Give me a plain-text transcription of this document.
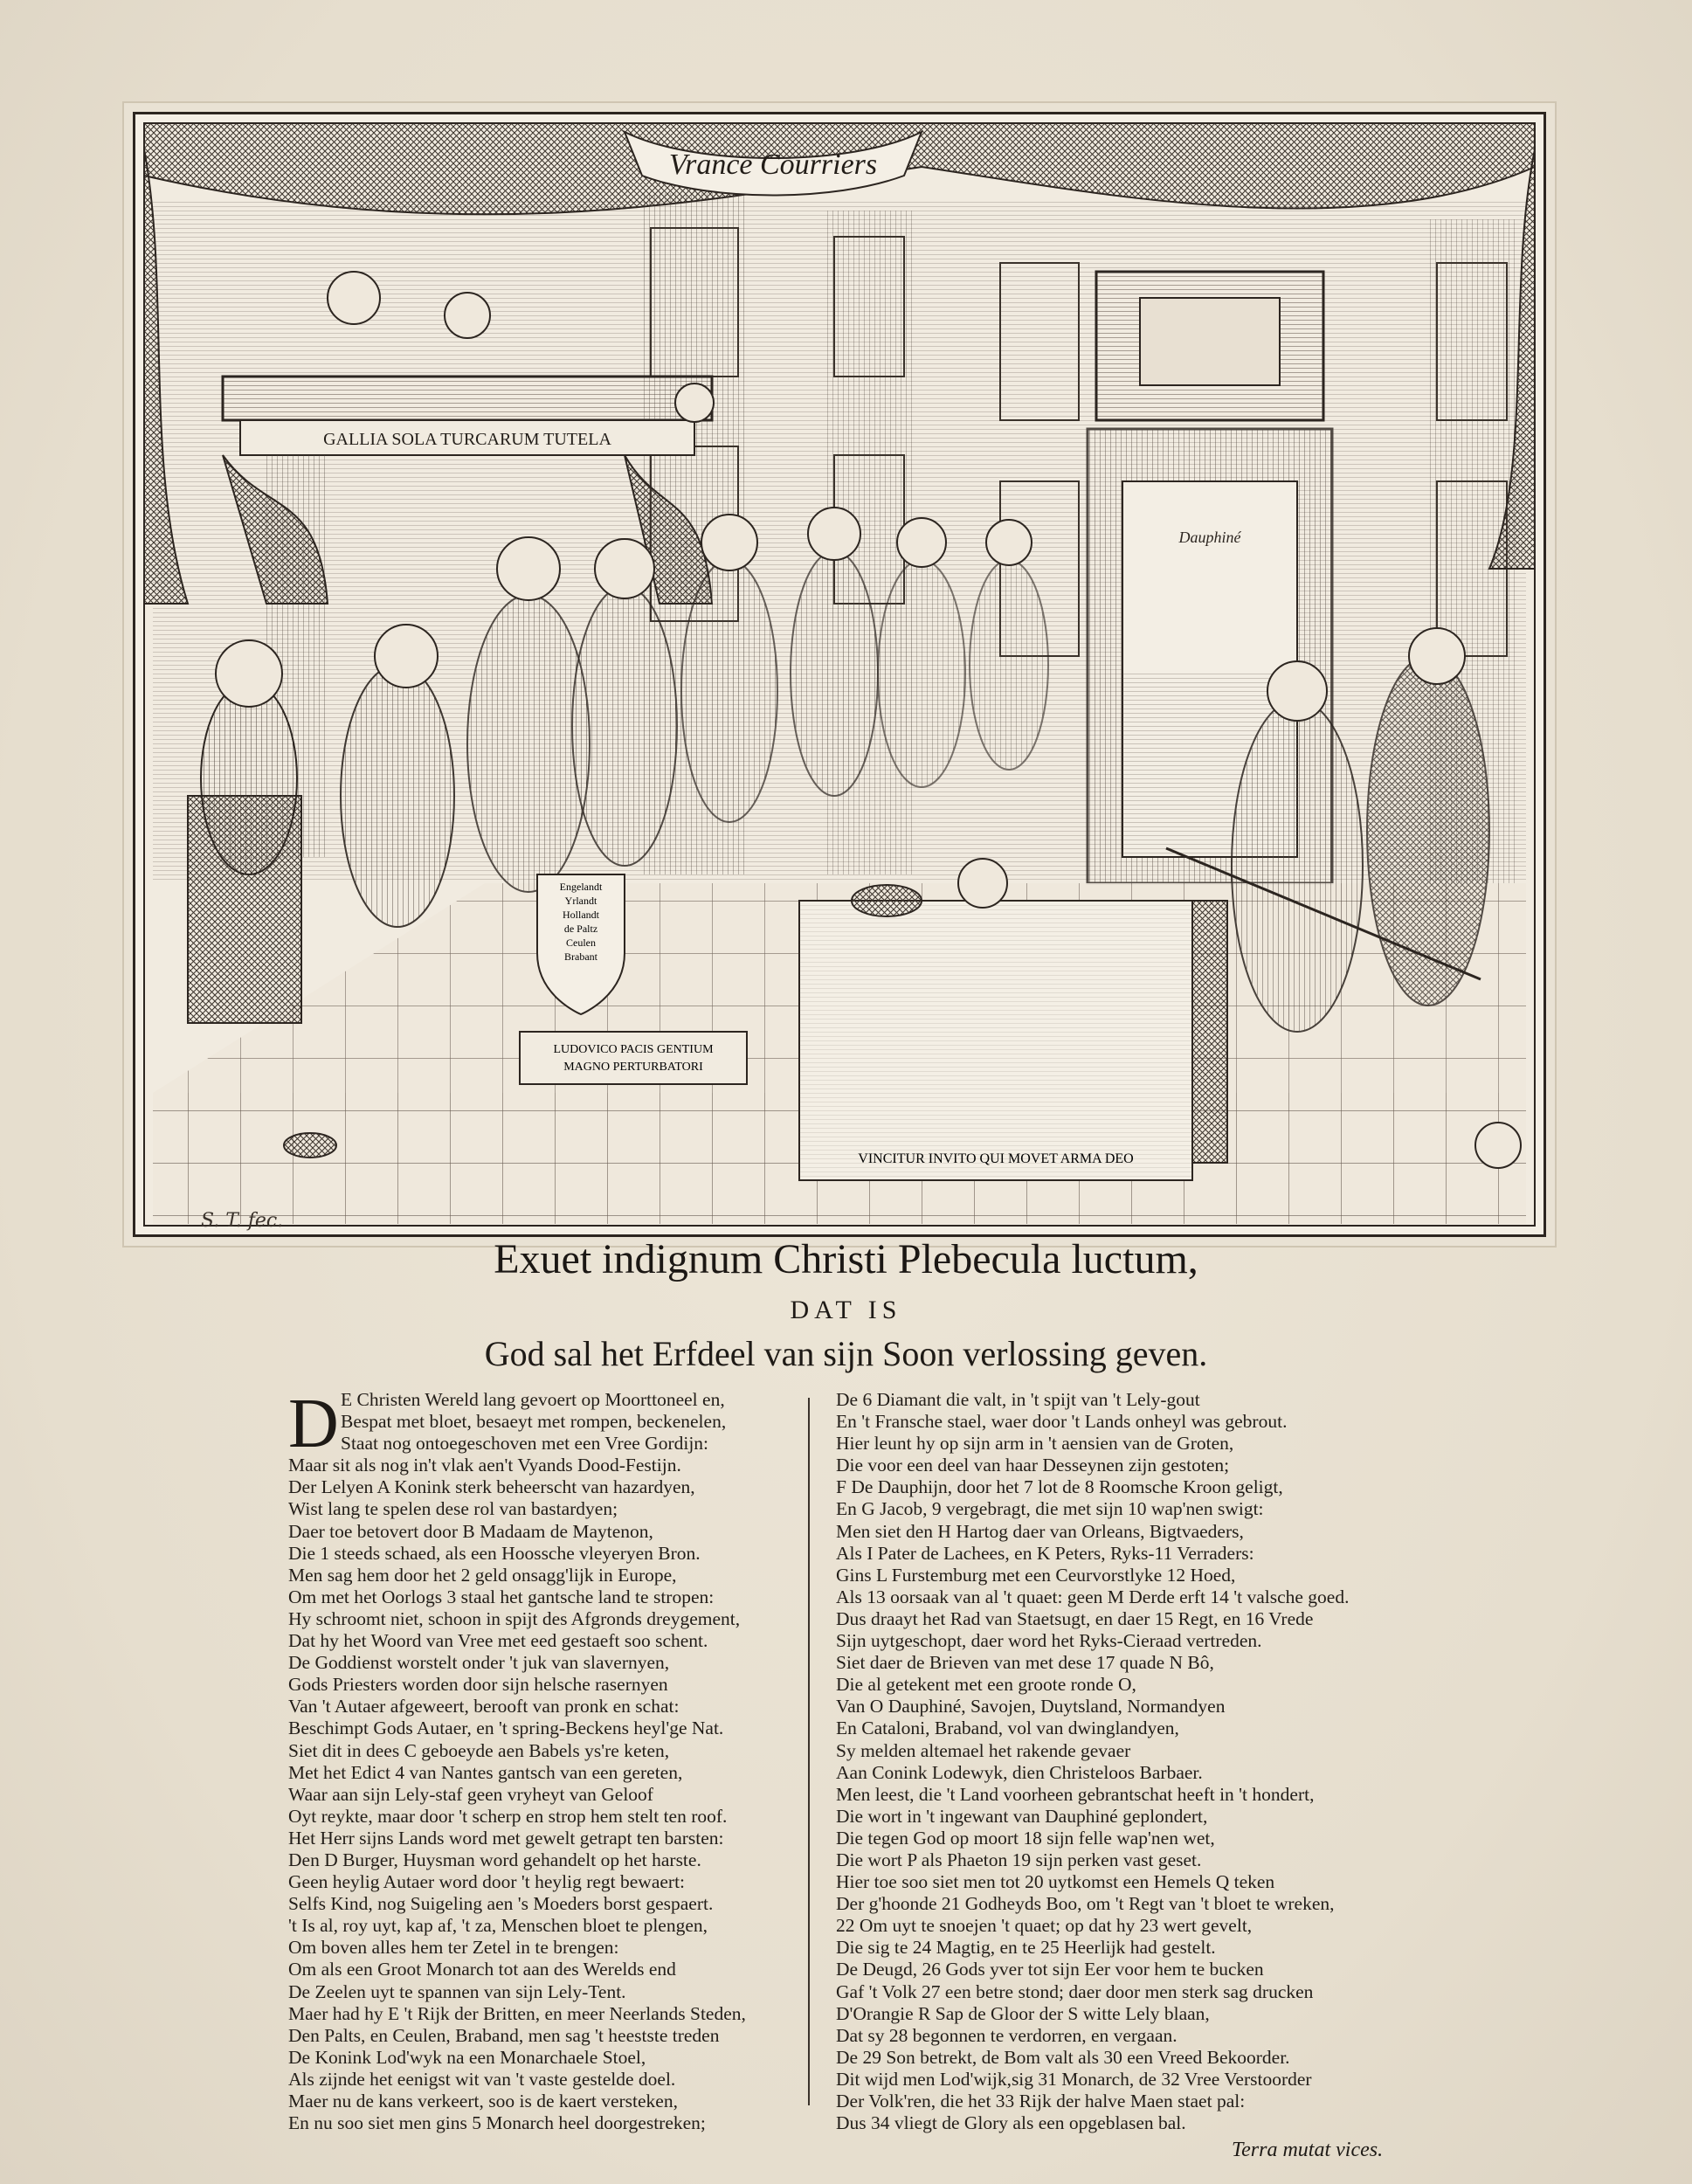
Dauphiné
Vrance Courriers
GALLIA SOLA TURCARUM TUTELA
Engelandt
Yrlandt
Hollandt
de Paltz
Ceulen
Brabant
LUDOVICO PACIS GENTIUM
MAGNO PERTURBATORI
VINCITUR INVITO QUI MOVET ARMA DEO
S. T. fec.
Exuet indignum Christi Plebecula luctum,
DAT IS
God sal het Erfdeel van sijn Soon verlossing geven.
D E Christen Wereld lang gevoert op Moorttoneel en,
Bespat met bloet, besaeyt met rompen, beckenelen,
Staat nog ontoegeschoven met een Vree Gordijn:
Maar sit als nog in't vlak aen't Vyands Dood-Festijn.
Der Lelyen A Konink sterk beheerscht van hazardyen,
Wist lang te spelen dese rol van bastardyen;
Daer toe betovert door B Madaam de Maytenon,
Die 1 steeds schaed, als een Hoossche vleyeryen Bron.
Men sag hem door het 2 geld onsagg'lijk in Europe,
Om met het Oorlogs 3 staal het gantsche land te stropen:
Hy schroomt niet, schoon in spijt des Afgronds dreygement,
Dat hy het Woord van Vree met eed gestaeft soo schent.
De Goddienst worstelt onder 't juk van slavernyen,
Gods Priesters worden door sijn helsche rasernyen
Van 't Autaer afgeweert, berooft van pronk en schat:
Beschimpt Gods Autaer, en 't spring-Beckens heyl'ge Nat.
Siet dit in dees C geboeyde aen Babels ys're keten,
Met het Edict 4 van Nantes gantsch van een gereten,
Waar aan sijn Lely-staf geen vryheyt van Geloof
Oyt reykte, maar door 't scherp en strop hem stelt ten roof.
Het Herr sijns Lands word met gewelt getrapt ten barsten:
Den D Burger, Huysman word gehandelt op het harste.
Geen heylig Autaer word door 't heylig regt bewaert:
Selfs Kind, nog Suigeling aen 's Moeders borst gespaert.
't Is al, roy uyt, kap af, 't za, Menschen bloet te plengen,
Om boven alles hem ter Zetel in te brengen:
Om als een Groot Monarch tot aan des Werelds end
De Zeelen uyt te spannen van sijn Lely-Tent.
Maer had hy E 't Rijk der Britten, en meer Neerlands Steden,
Den Palts, en Ceulen, Braband, men sag 't heestste treden
De Konink Lod'wyk na een Monarchaele Stoel,
Als zijnde het eenigst wit van 't vaste gestelde doel.
Maer nu de kans verkeert, soo is de kaert versteken,
En nu soo siet men gins 5 Monarch heel doorgestreken;
De 6 Diamant die valt, in 't spijt van 't Lely-gout
En 't Fransche stael, waer door 't Lands onheyl was gebrout.
Hier leunt hy op sijn arm in 't aensien van de Groten,
Die voor een deel van haar Desseynen zijn gestoten;
F De Dauphijn, door het 7 lot de 8 Roomsche Kroon geligt,
En G Jacob, 9 vergebragt, die met sijn 10 wap'nen swigt:
Men siet den H Hartog daer van Orleans, Bigtvaeders,
Als I Pater de Lachees, en K Peters, Ryks-11 Verraders:
Gins L Furstemburg met een Ceurvorstlyke 12 Hoed,
Als 13 oorsaak van al 't quaet: geen M Derde erft 14 't valsche goed.
Dus draayt het Rad van Staetsugt, en daer 15 Regt, en 16 Vrede
Sijn uytgeschopt, daer word het Ryks-Cieraad vertreden.
Siet daer de Brieven van met dese 17 quade N Bô,
Die al getekent met een groote ronde O,
Van O Dauphiné, Savojen, Duytsland, Normandyen
En Cataloni, Braband, vol van dwinglandyen,
Sy melden altemael het rakende gevaer
Aan Conink Lodewyk, dien Christeloos Barbaer.
Men leest, die 't Land voorheen gebrantschat heeft in 't hondert,
Die wort in 't ingewant van Dauphiné geplondert,
Die tegen God op moort 18 sijn felle wap'nen wet,
Die wort P als Phaeton 19 sijn perken vast geset.
Hier toe soo siet men tot 20 uytkomst een Hemels Q teken
Der g'hoonde 21 Godheyds Boo, om 't Regt van 't bloet te wreken,
22 Om uyt te snoejen 't quaet; op dat hy 23 wert gevelt,
Die sig te 24 Magtig, en te 25 Heerlijk had gestelt.
De Deugd, 26 Gods yver tot sijn Eer voor hem te bucken
Gaf 't Volk 27 een betre stond; daer door men sterk sag drucken
D'Orangie R Sap de Gloor der S witte Lely blaan,
Dat sy 28 begonnen te verdorren, en vergaan.
De 29 Son betrekt, de Bom valt als 30 een Vreed Bekoorder.
Dit wijd men Lod'wijk,sig 31 Monarch, de 32 Vree Verstoorder
Der Volk'ren, die het 33 Rijk der halve Maen staet pal:
Dus 34 vliegt de Glory als een opgeblasen bal.
Terra mutat vices.
